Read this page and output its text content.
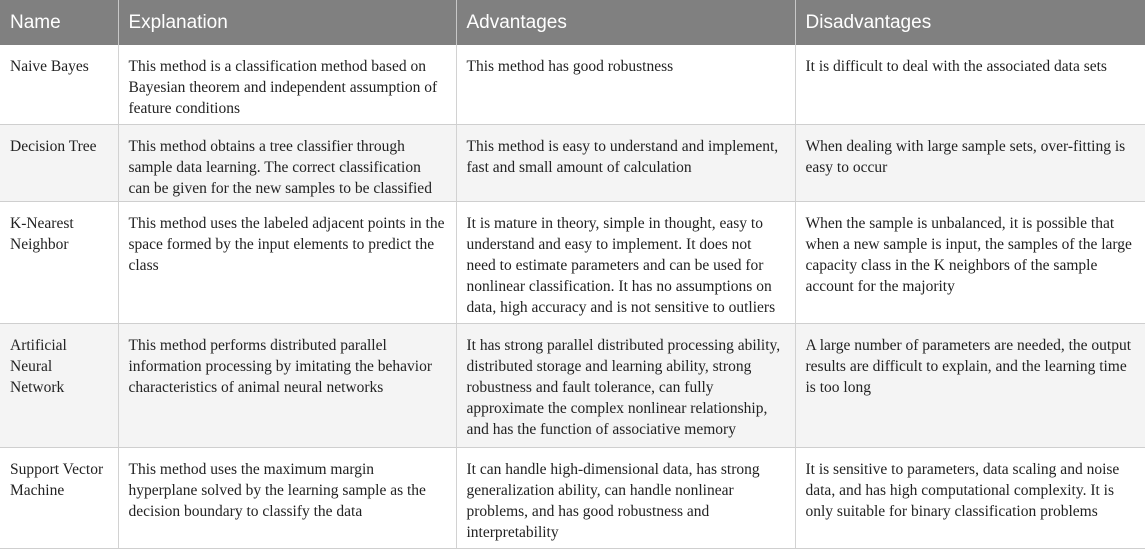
Name	Explanation	Advantages	Disadvantages
Naive Bayes	This method is a classification method based on Bayesian theorem and independent assumption of feature conditions	This method has good robustness	It is difficult to deal with the associated data sets
Decision Tree	This method obtains a tree classifier through sample data learning. The correct classification can be given for the new samples to be classified	This method is easy to understand and implement, fast and small amount of calculation	When dealing with large sample sets, over-fitting is easy to occur
K-Nearest Neighbor	This method uses the labeled adjacent points in the space formed by the input elements to predict the class	It is mature in theory, simple in thought, easy to understand and easy to implement. It does not need to estimate parameters and can be used for nonlinear classification. It has no assumptions on data, high accuracy and is not sensitive to outliers	When the sample is unbalanced, it is possible that when a new sample is input, the samples of the large capacity class in the K neighbors of the sample account for the majority
Artificial Neural Network	This method performs distributed parallel information processing by imitating the behavior characteristics of animal neural networks	It has strong parallel distributed processing ability, distributed storage and learning ability, strong robustness and fault tolerance, can fully approximate the complex nonlinear relationship, and has the function of associative memory	A large number of parameters are needed, the output results are difficult to explain, and the learning time is too long
Support Vector Machine	This method uses the maximum margin hyperplane solved by the learning sample as the decision boundary to classify the data	It can handle high-dimensional data, has strong generalization ability, can handle nonlinear problems, and has good robustness and interpretability	It is sensitive to parameters, data scaling and noise data, and has high computational complexity. It is only suitable for binary classification problems
